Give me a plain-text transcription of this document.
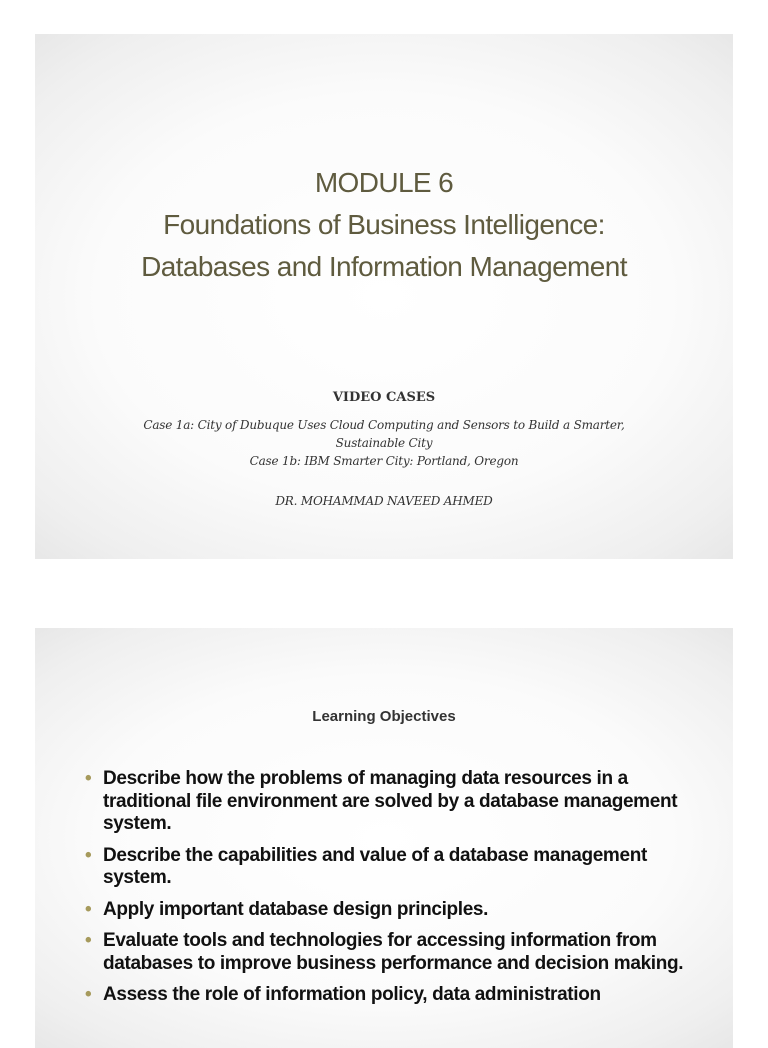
MODULE 6
Foundations of Business Intelligence:
Databases and Information Management
VIDEO CASES
Case 1a: City of Dubuque Uses Cloud Computing and Sensors to Build a Smarter, Sustainable City
Case 1b: IBM Smarter City: Portland, Oregon
DR. MOHAMMAD NAVEED AHMED
Learning Objectives
• Describe how the problems of managing data resources in a traditional file environment are solved by a database management system.
• Describe the capabilities and value of a database management system.
• Apply important database design principles.
• Evaluate tools and technologies for accessing information from databases to improve business performance and decision making.
• Assess the role of information policy, data administration
